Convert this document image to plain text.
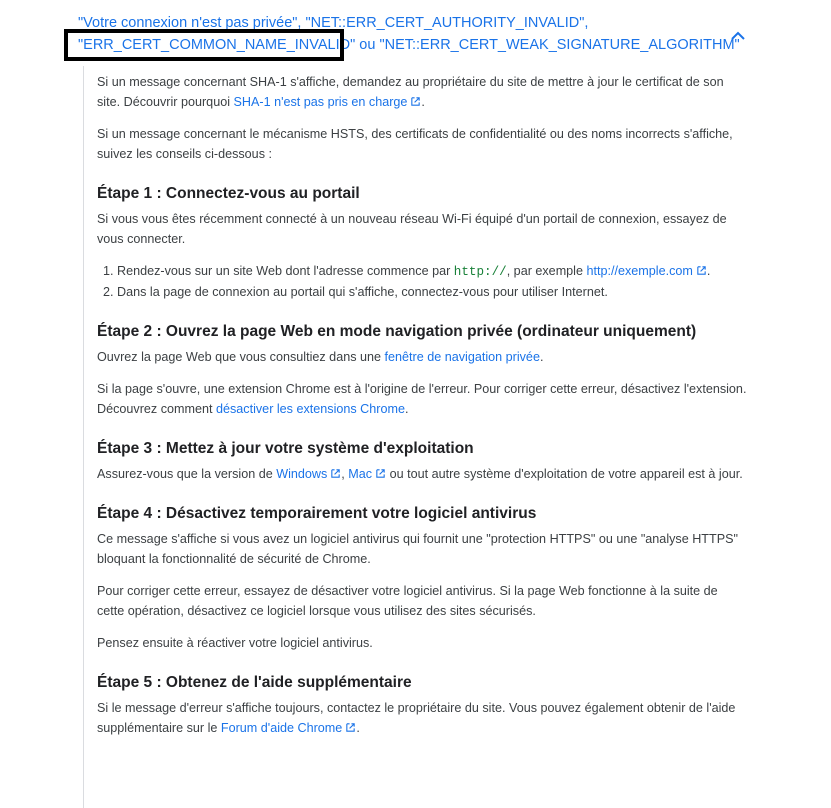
"Votre connexion n'est pas privée", "NET::ERR_CERT_AUTHORITY_INVALID",
"ERR_CERT_COMMON_NAME_INVALID" ou "NET::ERR_CERT_WEAK_SIGNATURE_ALGORITHM"

Si un message concernant SHA-1 s'affiche, demandez au propriétaire du site de mettre à jour le certificat de son site. Découvrir pourquoi SHA-1 n'est pas pris en charge .

Si un message concernant le mécanisme HSTS, des certificats de confidentialité ou des noms incorrects s'affiche, suivez les conseils ci-dessous :

Étape 1 : Connectez-vous au portail

Si vous vous êtes récemment connecté à un nouveau réseau Wi-Fi équipé d'un portail de connexion, essayez de vous connecter.

1. Rendez-vous sur un site Web dont l'adresse commence par http://, par exemple http://exemple.com .
2. Dans la page de connexion au portail qui s'affiche, connectez-vous pour utiliser Internet.
Étape 2 : Ouvrez la page Web en mode navigation privée (ordinateur uniquement)

Ouvrez la page Web que vous consultiez dans une fenêtre de navigation privée.

Si la page s'ouvre, une extension Chrome est à l'origine de l'erreur. Pour corriger cette erreur, désactivez l'extension. Découvrez comment désactiver les extensions Chrome.

Étape 3 : Mettez à jour votre système d'exploitation

Assurez-vous que la version de Windows , Mac ou tout autre système d'exploitation de votre appareil est à jour.

Étape 4 : Désactivez temporairement votre logiciel antivirus

Ce message s'affiche si vous avez un logiciel antivirus qui fournit une "protection HTTPS" ou une "analyse HTTPS" bloquant la fonctionnalité de sécurité de Chrome.

Pour corriger cette erreur, essayez de désactiver votre logiciel antivirus. Si la page Web fonctionne à la suite de cette opération, désactivez ce logiciel lorsque vous utilisez des sites sécurisés.

Pensez ensuite à réactiver votre logiciel antivirus.

Étape 5 : Obtenez de l'aide supplémentaire

Si le message d'erreur s'affiche toujours, contactez le propriétaire du site. Vous pouvez également obtenir de l'aide supplémentaire sur le Forum d'aide Chrome .
